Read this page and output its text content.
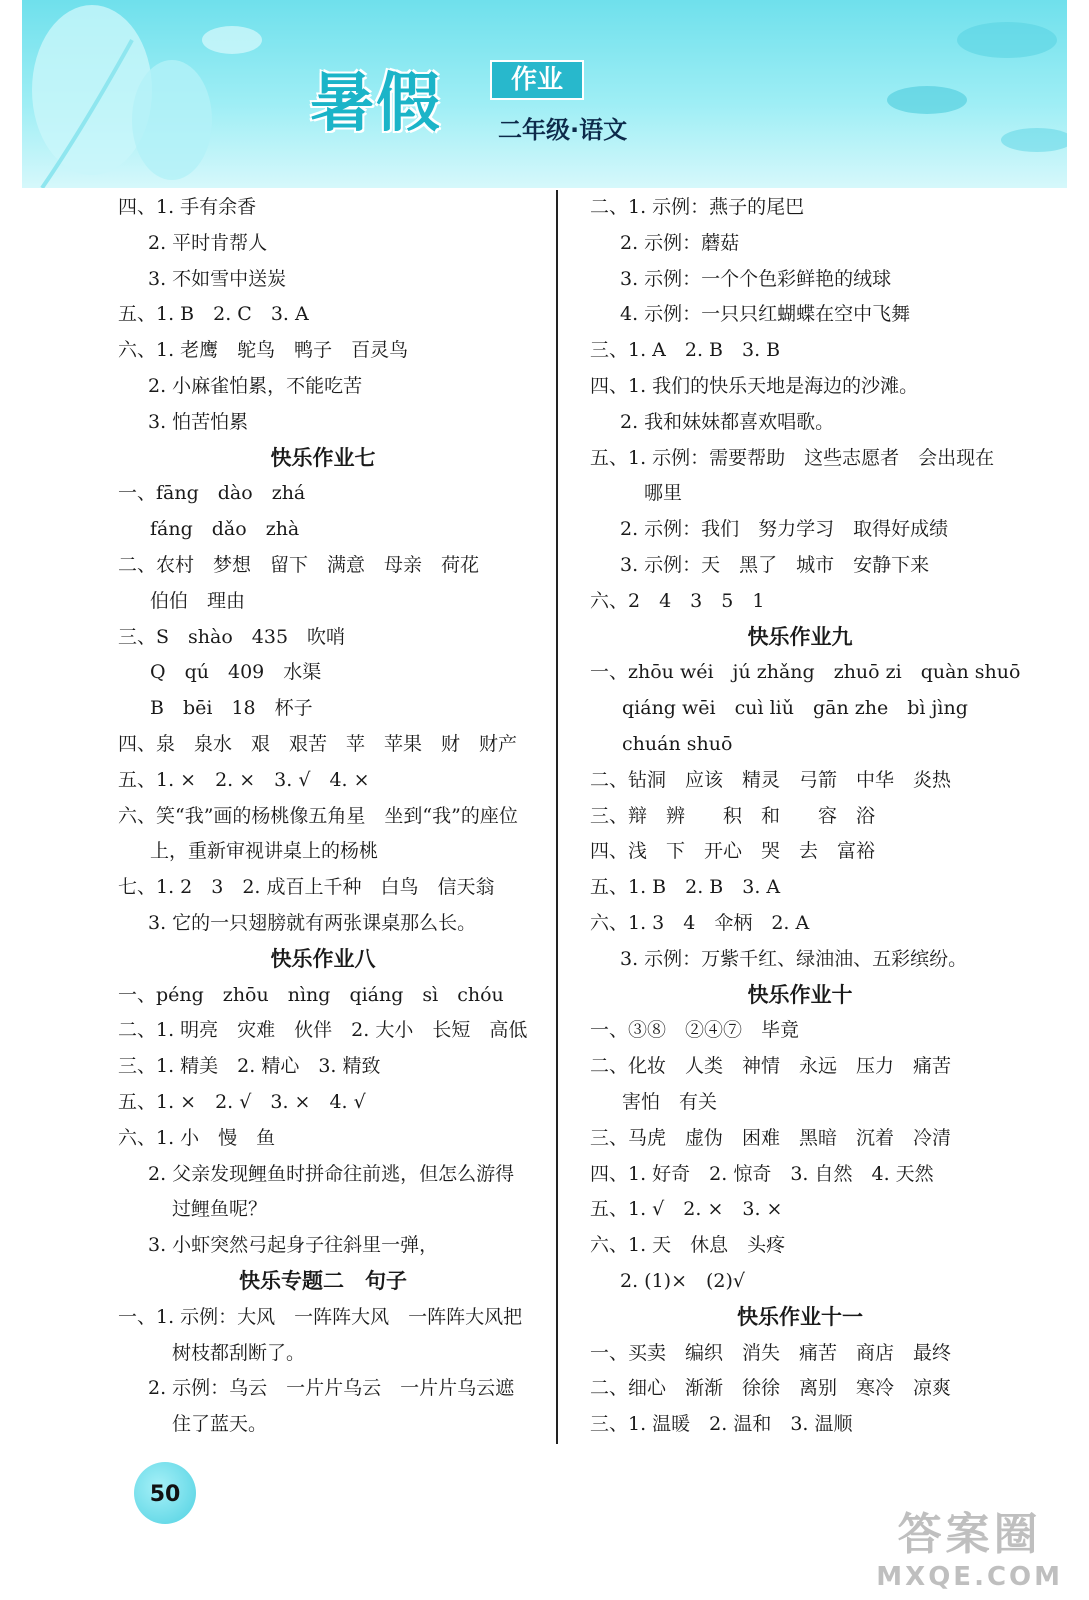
暑假	作业
二年级·语文
四、1. 手有余香
2. 平时肯帮人
3. 不如雪中送炭
五、1. B　2. C　3. A
六、1. 老鹰　鸵鸟　鸭子　百灵鸟
2. 小麻雀怕累，不能吃苦
3. 怕苦怕累
快乐作业七
一、fāng　dào　zhá
fáng　dǎo　zhà
二、农村　梦想　留下　满意　母亲　荷花
伯伯　理由
三、S　shào　435　吹哨
Q　qú　409　水渠
B　bēi　18　杯子
四、泉　泉水　艰　艰苦　苹　苹果　财　财产
五、1. ×　2. ×　3. √　4. ×
六、笑“我”画的杨桃像五角星　坐到“我”的座位
上，重新审视讲桌上的杨桃
七、1. 2　3　2. 成百上千种　白鸟　信天翁
3. 它的一只翅膀就有两张课桌那么长。
快乐作业八
一、péng　zhōu　nìng　qiáng　sì　chóu
二、1. 明亮　灾难　伙伴　2. 大小　长短　高低
三、1. 精美　2. 精心　3. 精致
五、1. ×　2. √　3. ×　4. √
六、1. 小　慢　鱼
2. 父亲发现鲤鱼时拼命往前逃，但怎么游得
过鲤鱼呢？
3. 小虾突然弓起身子往斜里一弹，
快乐专题二　句子
一、1. 示例：大风　一阵阵大风　一阵阵大风把
树枝都刮断了。
2. 示例：乌云　一片片乌云　一片片乌云遮
住了蓝天。
二、1. 示例：燕子的尾巴
2. 示例：蘑菇
3. 示例：一个个色彩鲜艳的绒球
4. 示例：一只只红蝴蝶在空中飞舞
三、1. A　2. B　3. B
四、1. 我们的快乐天地是海边的沙滩。
2. 我和妹妹都喜欢唱歌。
五、1. 示例：需要帮助　这些志愿者　会出现在
哪里
2. 示例：我们　努力学习　取得好成绩
3. 示例：天　黑了　城市　安静下来
六、2　4　3　5　1
快乐作业九
一、zhōu wéi　jú zhǎng　zhuō zi　quàn shuō
qiáng wēi　cuì liǔ　gān zhe　bì jìng
chuán shuō
二、钻洞　应该　精灵　弓箭　中华　炎热
三、辩　辨　　积　和　　容　浴
四、浅　下　开心　哭　去　富裕
五、1. B　2. B　3. A
六、1. 3　4　伞柄　2. A
3. 示例：万紫千红、绿油油、五彩缤纷。
快乐作业十
一、③⑧　②④⑦　毕竟
二、化妆　人类　神情　永远　压力　痛苦
害怕　有关
三、马虎　虚伪　困难　黑暗　沉着　冷清
四、1. 好奇　2. 惊奇　3. 自然　4. 天然
五、1. √　2. ×　3. ×
六、1. 天　休息　头疼
2. (1)×　(2)√
快乐作业十一
一、买卖　编织　消失　痛苦　商店　最终
二、细心　渐渐　徐徐　离别　寒冷　凉爽
三、1. 温暖　2. 温和　3. 温顺
50
答案圈
MXQE.COM
